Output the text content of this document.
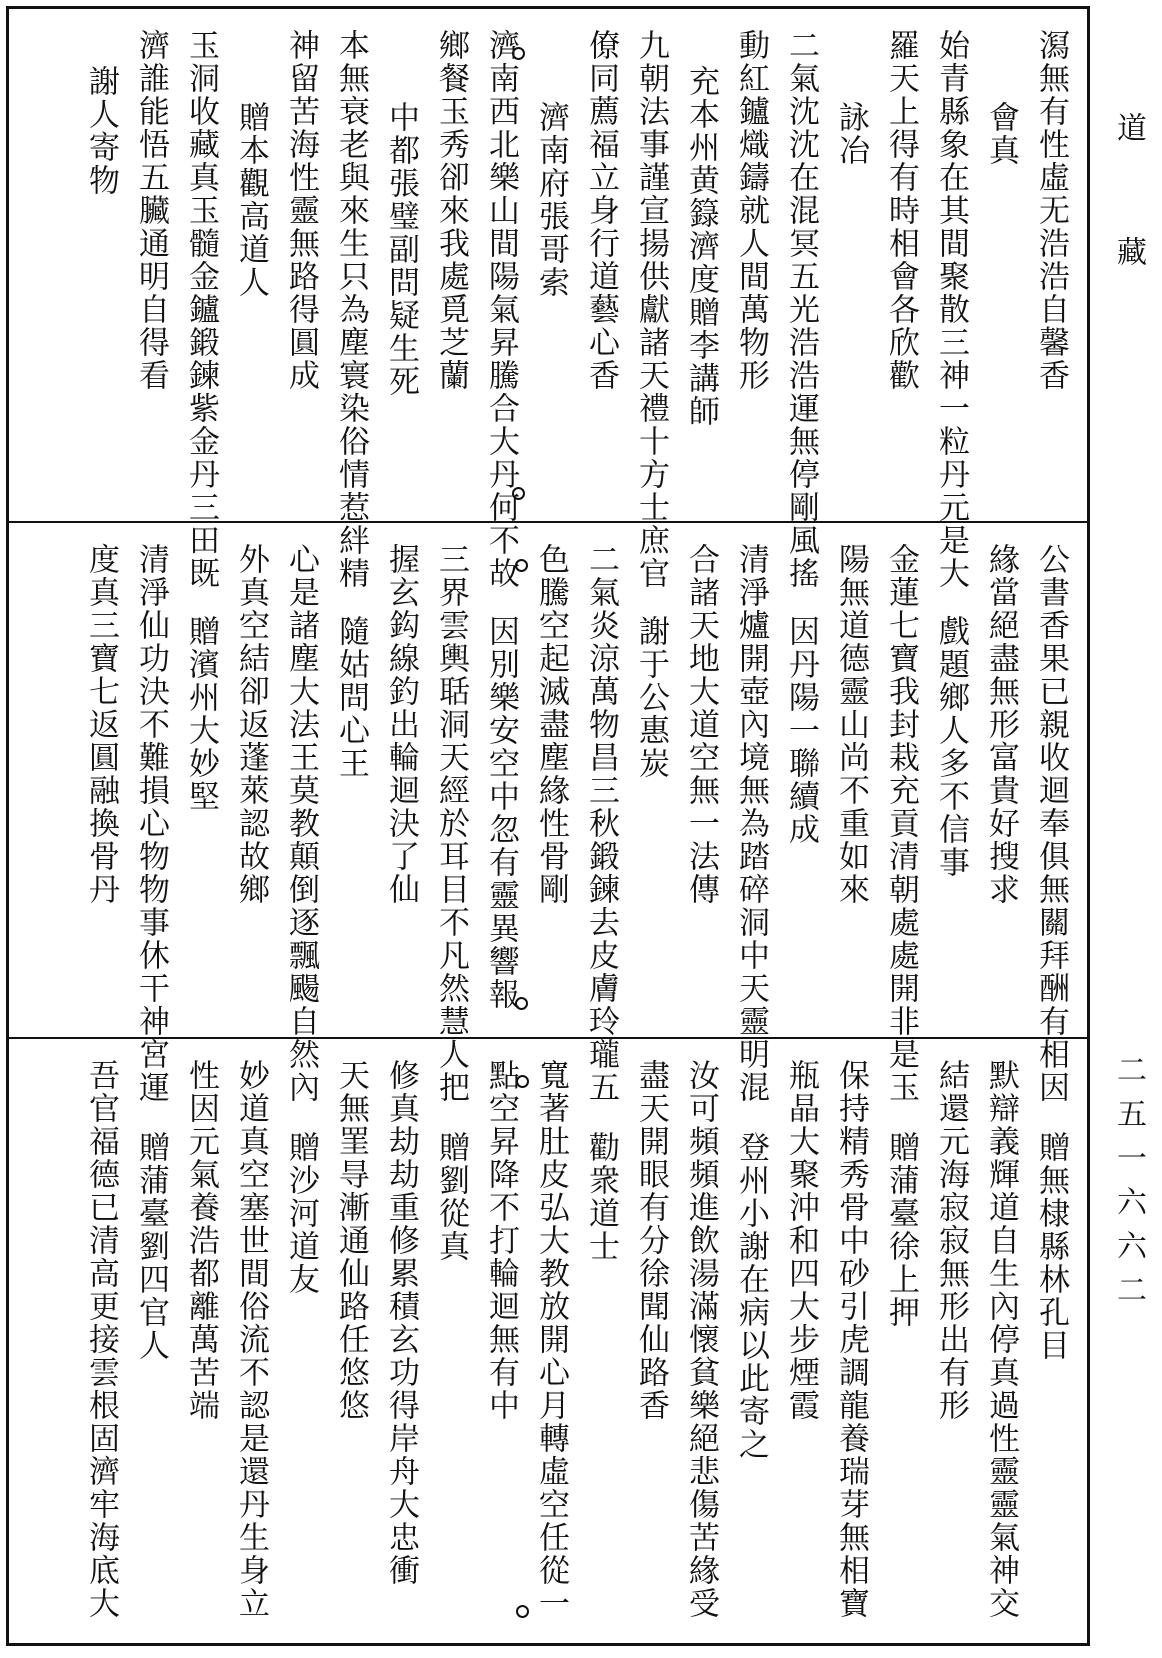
㵼無有性虛无浩浩自馨香
會真
始青縣象在其間聚散三神一粒丹元是大
羅天上得有時相會各欣歡
詠冶
二氣沈沈在混冥五光浩浩運無停剛風搖
動紅鑪熾鑄就人間萬物形
充本州黄籙濟度贈李講師
九朝法事謹宣揚供獻諸天禮十方士庶官
僚同薦福立身行道藝心香
濟南府張哥索
濟南西北樂山間陽氣昇騰合大丹何不故
鄉餐玉秀卻來我處覓芝蘭
中都張璧副問疑生死
本無衰老與來生只為塵寰染俗情惹絆精
神留苦海性靈無路得圓成
贈本觀高道人
玉洞收藏真玉髓金鑪鍛鍊紫金丹三田既
濟誰能悟五臟通明自得看
謝人寄物
公書香果已親收迴奉俱無關拜酬有相因
緣當絕盡無形富貴好搜求
戲題鄉人多不信事
金蓮七寶我封栽充貢清朝處處開非是玉
陽無道德靈山尚不重如來
因丹陽一聯續成
清淨爐開壺內境無為踏碎洞中天靈明混
合諸天地大道空無一法傳
謝于公惠炭
二氣炎涼萬物昌三秋鍛鍊去皮膚玲瓏五
色騰空起滅盡塵緣性骨剛
因別樂安空中忽有靈異響報
三界雲輿聒洞天經於耳目不凡然慧人把
握玄鈎線釣出輪迴決了仙
隨姑問心王
心是諸塵大法王莫教顛倒逐飄颺自然內
外真空結卻返蓬萊認故鄉
贈濱州大妙堅
清淨仙功決不難損心物物事休干神宮運
度真三寶七返圓融換骨丹
贈無棣縣林孔目
默辯義輝道自生內停真過性靈靈氣神交
結還元海寂寂無形出有形
贈蒲臺徐上押
保持精秀骨中砂引虎調龍養瑞芽無相寶
瓶晶大聚沖和四大步煙霞
登州小謝在病以此寄之
汝可頻頻進飲湯滿懷貧樂絕悲傷苦緣受
盡天開眼有分徐聞仙路香
勸衆道士
寬著肚皮弘大教放開心月轉虛空任從一
點空昇降不打輪迴無有中
贈劉從真
修真劫劫重修累積玄功得岸舟大忠衝
天無罣㝵漸通仙路任悠悠
贈沙河道友
妙道真空塞世間俗流不認是還丹生身立
性因元氣養浩都離萬苦端
贈蒲臺劉四官人
吾官福德已清高更接雲根固濟牢海底大
道
藏
二五一六六二
